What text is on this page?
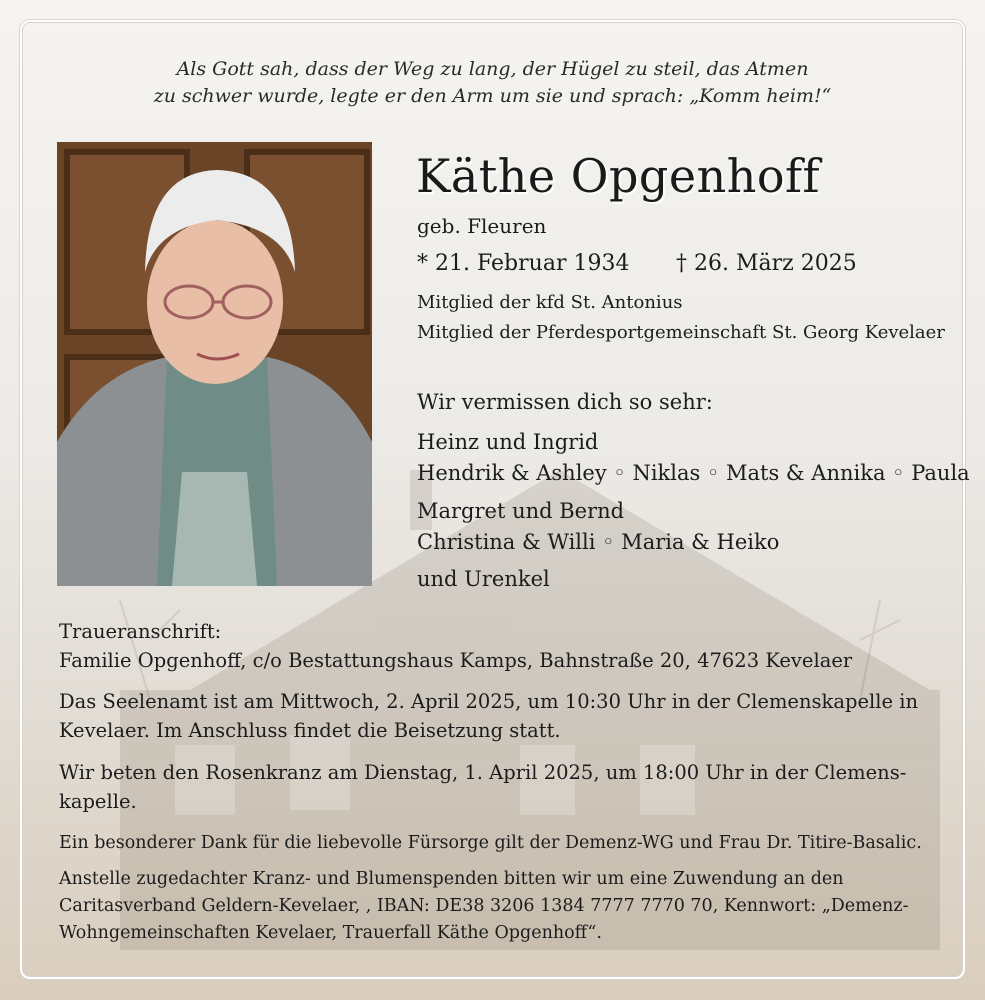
Als Gott sah, dass der Weg zu lang, der Hügel zu steil, das Atmen
zu schwer wurde, legte er den Arm um sie und sprach: „Komm heim!“
Käthe Opgenhoff
geb. Fleuren
* 21. Februar 1934 † 26. März 2025
Mitglied der kfd St. Antonius
Mitglied der Pferdesportgemeinschaft St. Georg Kevelaer
Wir vermissen dich so sehr:
Heinz und Ingrid
Hendrik & Ashley ◦ Niklas ◦ Mats & Annika ◦ Paula
Margret und Bernd
Christina & Willi ◦ Maria & Heiko
und Urenkel
Traueranschrift:
Familie Opgenhoff, c/o Bestattungshaus Kamps, Bahnstraße 20, 47623 Kevelaer
Das Seelenamt ist am Mittwoch, 2. April 2025, um 10:30 Uhr in der Clemenskapelle in
Kevelaer. Im Anschluss findet die Beisetzung statt.
Wir beten den Rosenkranz am Dienstag, 1. April 2025, um 18:00 Uhr in der Clemens-
kapelle.
Ein besonderer Dank für die liebevolle Fürsorge gilt der Demenz-WG und Frau Dr. Titire-Basalic.
Anstelle zugedachter Kranz- und Blumenspenden bitten wir um eine Zuwendung an den
Caritasverband Geldern-Kevelaer, , IBAN: DE38 3206 1384 7777 7770 70, Kennwort: „Demenz-
Wohngemeinschaften Kevelaer, Trauerfall Käthe Opgenhoff“.
